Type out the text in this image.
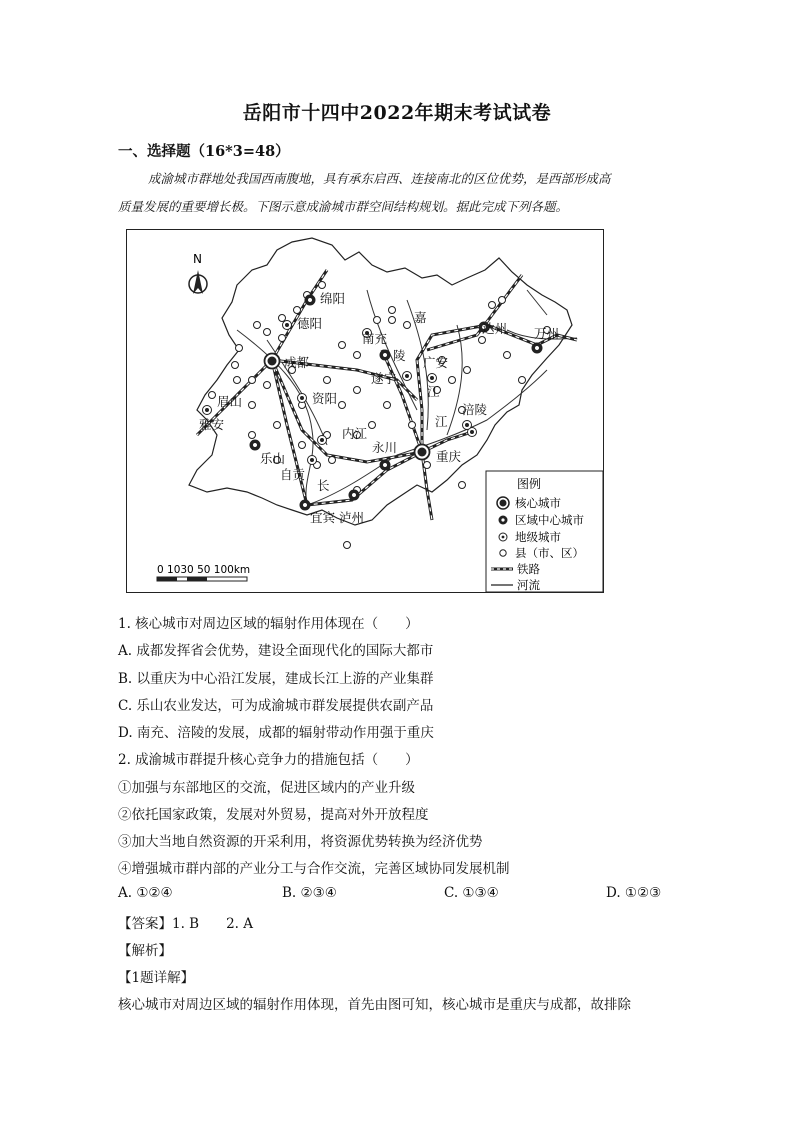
岳阳市十四中2022年期末考试试卷
一、选择题（16*3=48）
成渝城市群地处我国西南腹地，具有承东启西、连接南北的区位优势，是西部形成高
质量发展的重要增长极。下图示意成渝城市群空间结构规划。据此完成下列各题。
N
绵阳
德阳
成都
南充
嘉
达州 万州
陵 广安
遂宁
江
资阳
眉山
雅安
乐山
内江
永川
江
涪陵
重庆
自贡
长
宜宾 泸州
0 1030 50 100km
图例
核心城市
区域中心城市
地级城市
县（市、区）
铁路
河流
1. 核心城市对周边区域的辐射作用体现在（　　）
A. 成都发挥省会优势，建设全面现代化的国际大都市
B. 以重庆为中心沿江发展，建成长江上游的产业集群
C. 乐山农业发达，可为成渝城市群发展提供农副产品
D. 南充、涪陵的发展，成都的辐射带动作用强于重庆
2. 成渝城市群提升核心竞争力的措施包括（　　）
①加强与东部地区的交流，促进区域内的产业升级
②依托国家政策，发展对外贸易，提高对外开放程度
③加大当地自然资源的开采利用，将资源优势转换为经济优势
④增强城市群内部的产业分工与合作交流，完善区域协同发展机制
A. ①②④	B. ②③④	C. ①③④	D. ①②③
【答案】1. B　　2. A
【解析】
【1题详解】
核心城市对周边区域的辐射作用体现，首先由图可知，核心城市是重庆与成都，故排除
